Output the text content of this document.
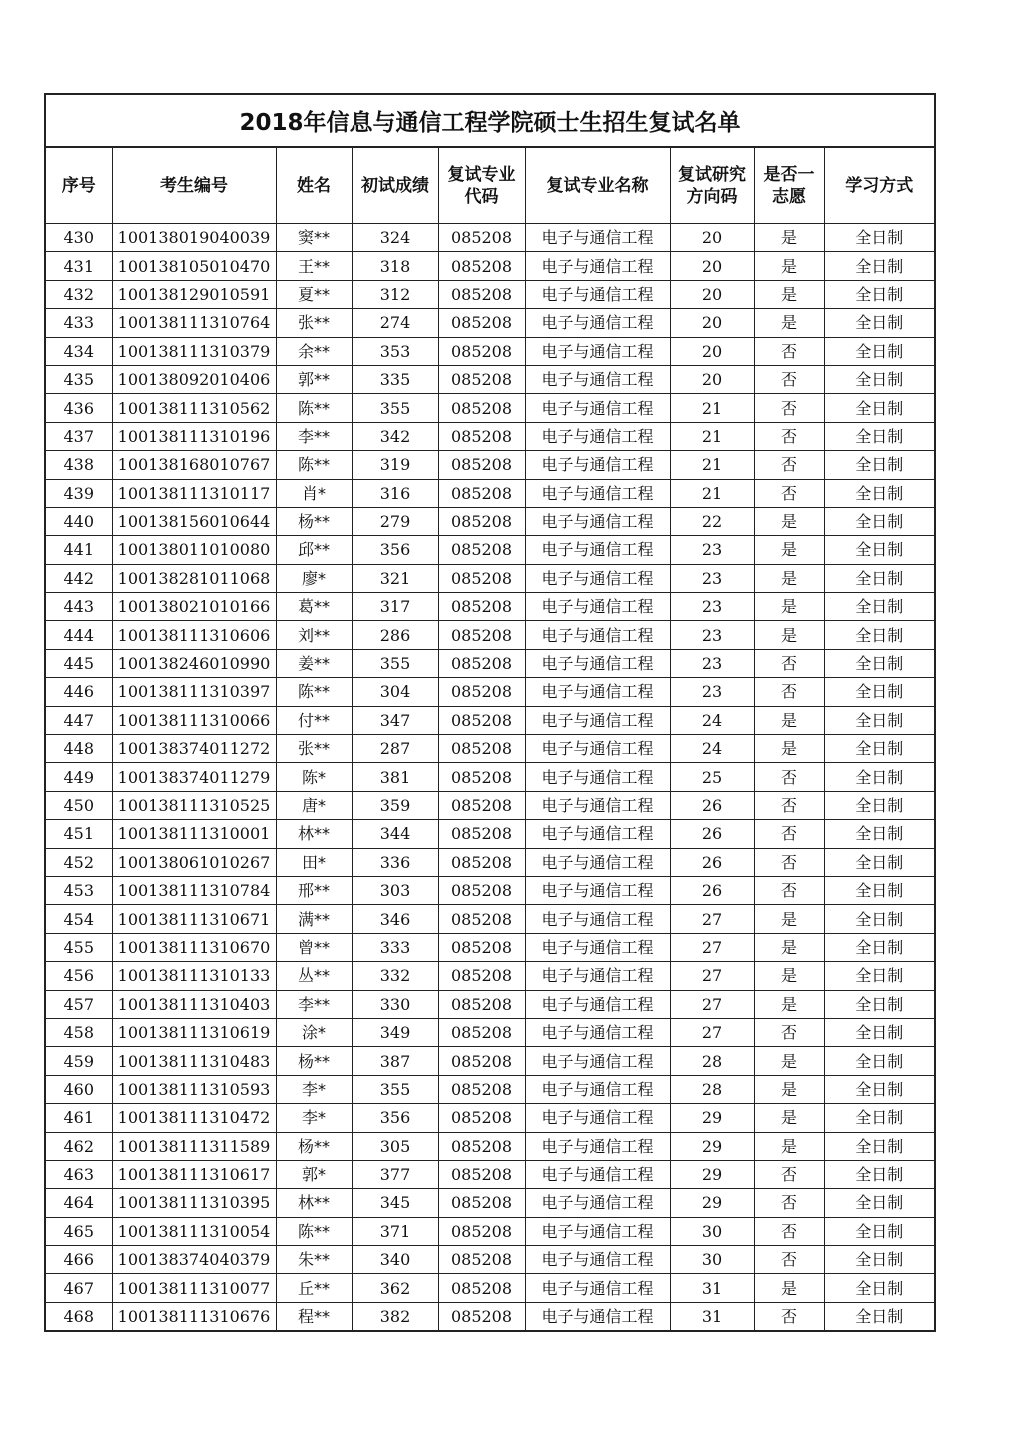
2018年信息与通信工程学院硕士生招生复试名单								
序号	考生编号	姓名	初试成绩	复试专业代码	复试专业名称	复试研究方向码	是否一志愿	学习方式
430	100138019040039	窦**	324	085208	电子与通信工程	20	是	全日制
431	100138105010470	王**	318	085208	电子与通信工程	20	是	全日制
432	100138129010591	夏**	312	085208	电子与通信工程	20	是	全日制
433	100138111310764	张**	274	085208	电子与通信工程	20	是	全日制
434	100138111310379	余**	353	085208	电子与通信工程	20	否	全日制
435	100138092010406	郭**	335	085208	电子与通信工程	20	否	全日制
436	100138111310562	陈**	355	085208	电子与通信工程	21	否	全日制
437	100138111310196	李**	342	085208	电子与通信工程	21	否	全日制
438	100138168010767	陈**	319	085208	电子与通信工程	21	否	全日制
439	100138111310117	肖*	316	085208	电子与通信工程	21	否	全日制
440	100138156010644	杨**	279	085208	电子与通信工程	22	是	全日制
441	100138011010080	邱**	356	085208	电子与通信工程	23	是	全日制
442	100138281011068	廖*	321	085208	电子与通信工程	23	是	全日制
443	100138021010166	葛**	317	085208	电子与通信工程	23	是	全日制
444	100138111310606	刘**	286	085208	电子与通信工程	23	是	全日制
445	100138246010990	姜**	355	085208	电子与通信工程	23	否	全日制
446	100138111310397	陈**	304	085208	电子与通信工程	23	否	全日制
447	100138111310066	付**	347	085208	电子与通信工程	24	是	全日制
448	100138374011272	张**	287	085208	电子与通信工程	24	是	全日制
449	100138374011279	陈*	381	085208	电子与通信工程	25	否	全日制
450	100138111310525	唐*	359	085208	电子与通信工程	26	否	全日制
451	100138111310001	林**	344	085208	电子与通信工程	26	否	全日制
452	100138061010267	田*	336	085208	电子与通信工程	26	否	全日制
453	100138111310784	邢**	303	085208	电子与通信工程	26	否	全日制
454	100138111310671	满**	346	085208	电子与通信工程	27	是	全日制
455	100138111310670	曾**	333	085208	电子与通信工程	27	是	全日制
456	100138111310133	丛**	332	085208	电子与通信工程	27	是	全日制
457	100138111310403	李**	330	085208	电子与通信工程	27	是	全日制
458	100138111310619	涂*	349	085208	电子与通信工程	27	否	全日制
459	100138111310483	杨**	387	085208	电子与通信工程	28	是	全日制
460	100138111310593	李*	355	085208	电子与通信工程	28	是	全日制
461	100138111310472	李*	356	085208	电子与通信工程	29	是	全日制
462	100138111311589	杨**	305	085208	电子与通信工程	29	是	全日制
463	100138111310617	郭*	377	085208	电子与通信工程	29	否	全日制
464	100138111310395	林**	345	085208	电子与通信工程	29	否	全日制
465	100138111310054	陈**	371	085208	电子与通信工程	30	否	全日制
466	100138374040379	朱**	340	085208	电子与通信工程	30	否	全日制
467	100138111310077	丘**	362	085208	电子与通信工程	31	是	全日制
468	100138111310676	程**	382	085208	电子与通信工程	31	否	全日制
